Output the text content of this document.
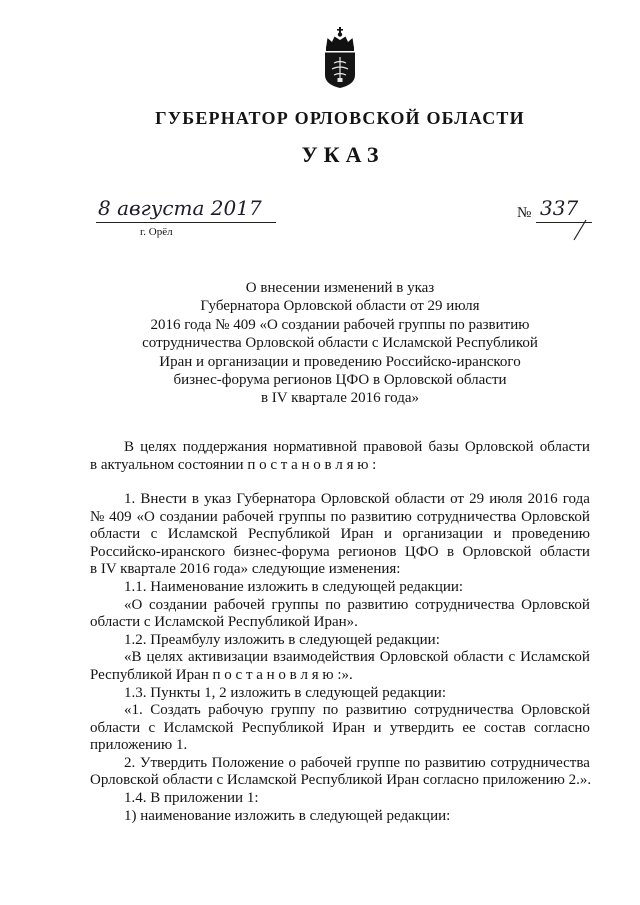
ГУБЕРНАТОР ОРЛОВСКОЙ ОБЛАСТИ
УКАЗ
8 августа 2017
г. Орёл
№ 337
О внесении изменений в указ
Губернатора Орловской области от 29 июля
2016 года № 409 «О создании рабочей группы по развитию
сотрудничества Орловской области с Исламской Республикой
Иран и организации и проведению Российско-иранского
бизнес-форума регионов ЦФО в Орловской области
в IV квартале 2016 года»
В целях поддержания нормативной правовой базы Орловской области
в актуальном состоянии п о с т а н о в л я ю :
1. Внести в указ Губернатора Орловской области от 29 июля 2016 года
№ 409 «О создании рабочей группы по развитию сотрудничества Орловской
области с Исламской Республикой Иран и организации и проведению
Российско-иранского бизнес-форума регионов ЦФО в Орловской области
в IV квартале 2016 года» следующие изменения:
1.1. Наименование изложить в следующей редакции:
«О создании рабочей группы по развитию сотрудничества Орловской
области с Исламской Республикой Иран».
1.2. Преамбулу изложить в следующей редакции:
«В целях активизации взаимодействия Орловской области с Исламской
Республикой Иран п о с т а н о в л я ю :».
1.3. Пункты 1, 2 изложить в следующей редакции:
«1. Создать рабочую группу по развитию сотрудничества Орловской
области с Исламской Республикой Иран и утвердить ее состав согласно
приложению 1.
2. Утвердить Положение о рабочей группе по развитию сотрудничества
Орловской области с Исламской Республикой Иран согласно приложению 2.».
1.4. В приложении 1:
1) наименование изложить в следующей редакции:
